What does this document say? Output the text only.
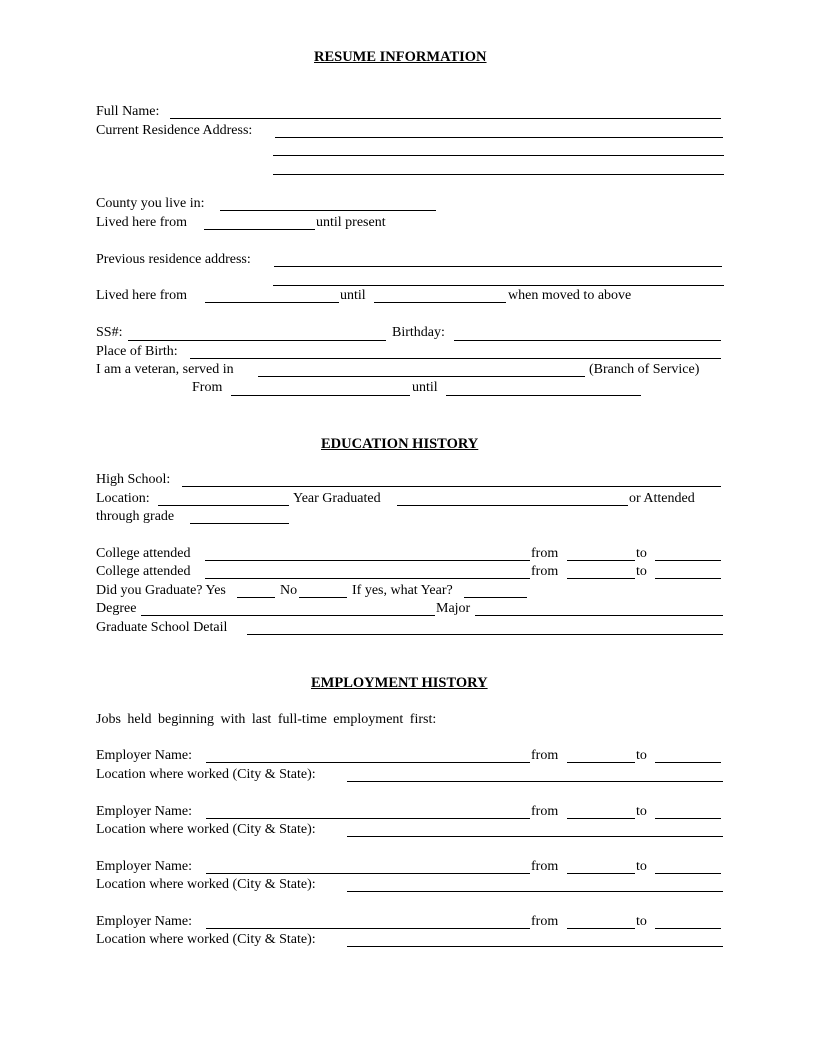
RESUME INFORMATION
Full Name:
Current Residence Address:
County you live in:
Lived here from	until present
Previous residence address:
Lived here from	until	when moved to above
SS#:	Birthday:
Place of Birth:
I am a veteran, served in	(Branch of Service)
From	until
EDUCATION HISTORY
High School:
Location:	Year Graduated	or Attended
through grade
College attended	from	to
College attended	from	to
Did you Graduate? Yes	No	If yes, what Year?
Degree	Major
Graduate School Detail
EMPLOYMENT HISTORY
Jobs held beginning with last full-time employment first:
Employer Name:	from	to
Location where worked (City & State):
Employer Name:	from	to
Location where worked (City & State):
Employer Name:	from	to
Location where worked (City & State):
Employer Name:	from	to
Location where worked (City & State):
